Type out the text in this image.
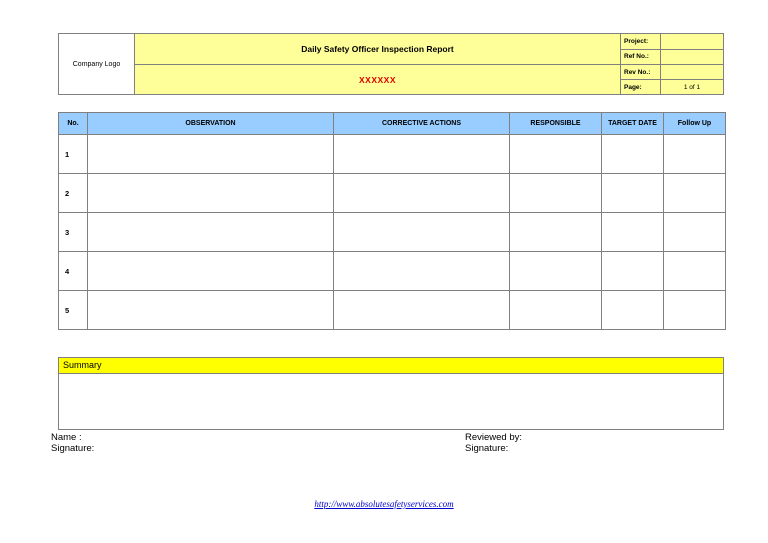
Company Logo	Daily Safety Officer Inspection Report	Project:	
		Ref No.:	
	XXXXXX	Rev No.:	
		Page:	1 of 1
No.	OBSERVATION	CORRECTIVE ACTIONS	RESPONSIBLE	TARGET DATE	Follow Up
1					
2					
3					
4					
5					
Summary
Name :
Signature:
Reviewed by:
Signature:
http://www.absolutesafetyservices.com
